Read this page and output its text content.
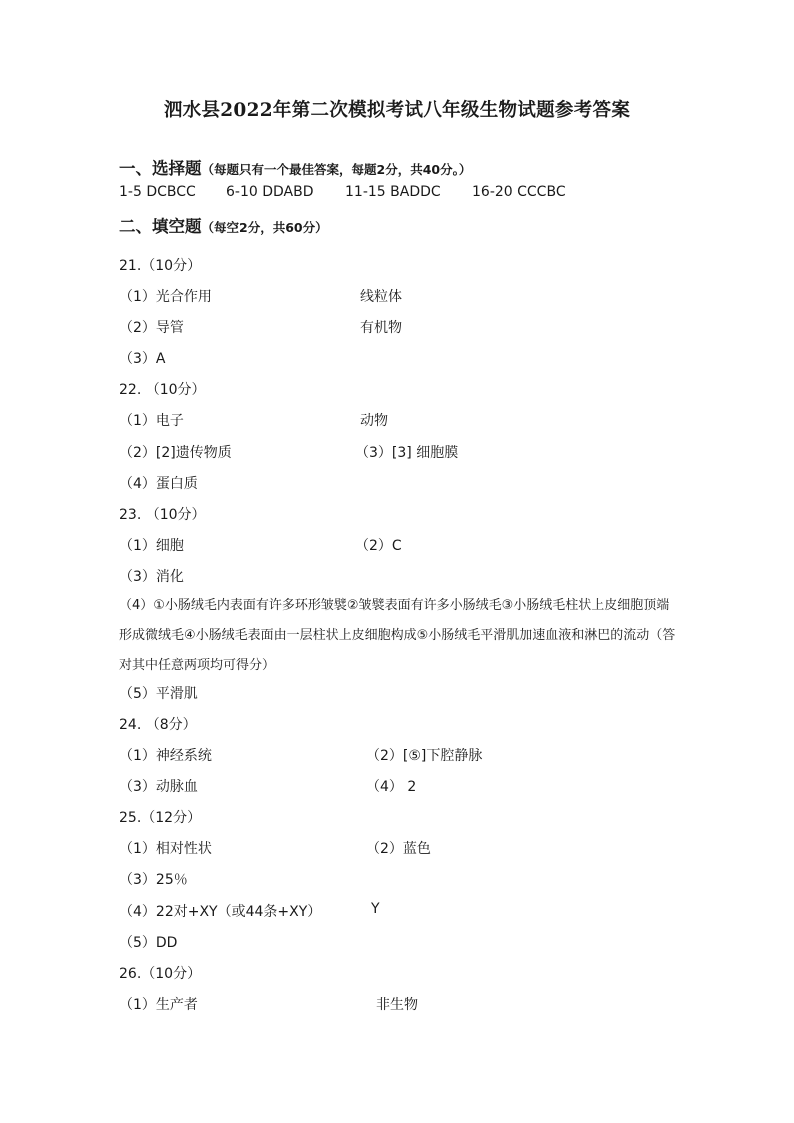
泗水县2022年第二次模拟考试八年级生物试题参考答案
一、选择题（每题只有一个最佳答案，每题2分，共40分。）
1-5 DCBCC 6-10 DDABD 11-15 BADDC 16-20 CCCBC
二、填空题（每空2分，共60分）
21.（10分）
（1）光合作用	线粒体
（2）导管	有机物
（3）A
22. （10分）
（1）电子	动物
（2）[2]遗传物质	（3）[3] 细胞膜
（4）蛋白质
23. （10分）
（1）细胞	（2）C
（3）消化
（4）①小肠绒毛内表面有许多环形皱襞②皱襞表面有许多小肠绒毛③小肠绒毛柱状上皮细胞顶端形成微绒毛④小肠绒毛表面由一层柱状上皮细胞构成⑤小肠绒毛平滑肌加速血液和淋巴的流动（答对其中任意两项均可得分）
（5）平滑肌
24. （8分）
（1）神经系统	（2）[⑤]下腔静脉
（3）动脉血	（4） 2
25.（12分）
（1）相对性状	（2）蓝色
（3）25％
（4）22对+XY（或44条+XY）	Y
（5）DD
26.（10分）
（1）生产者	非生物
